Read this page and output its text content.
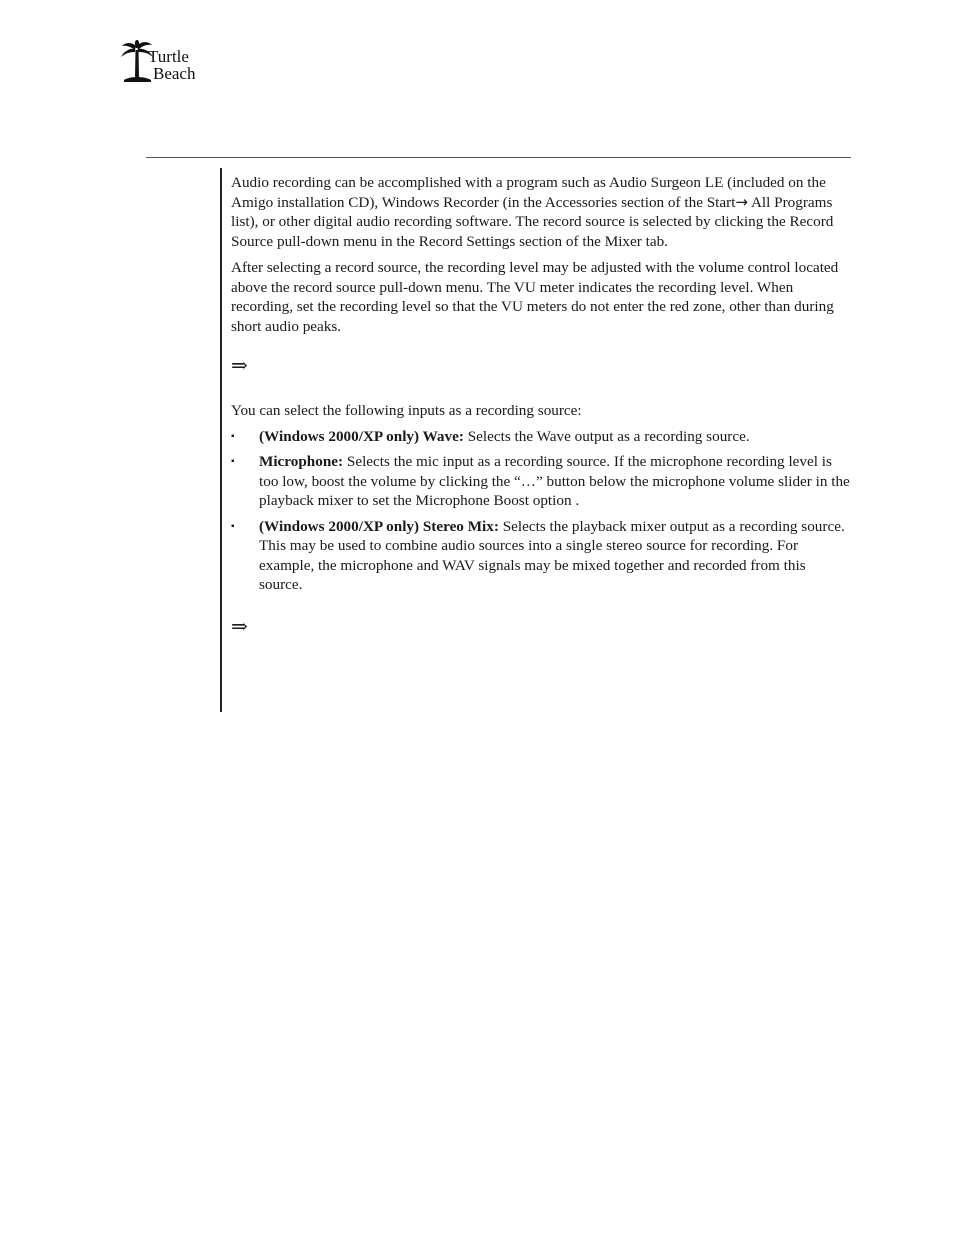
Turtle
Beach

Audio recording can be accomplished with a program such as Audio Surgeon LE (included on the Amigo installation CD), Windows Recorder (in the Accessories section of the Start→ All Programs list), or other digital audio recording software. The record source is selected by clicking the Record Source pull-down menu in the Record Settings section of the Mixer tab.

After selecting a record source, the recording level may be adjusted with the volume control located above the record source pull-down menu. The VU meter indicates the recording level. When recording, set the recording level so that the VU meters do not enter the red zone, other than during short audio peaks.

⇒

You can select the following inputs as a recording source:

▪ (Windows 2000/XP only) Wave: Selects the Wave output as a recording source.
▪ Microphone: Selects the mic input as a recording source. If the microphone recording level is too low, boost the volume by clicking the “…” button below the microphone volume slider in the playback mixer to set the Microphone Boost option .
▪ (Windows 2000/XP only) Stereo Mix: Selects the playback mixer output as a recording source. This may be used to combine audio sources into a single stereo source for recording. For example, the microphone and WAV signals may be mixed together and recorded from this source.

⇒
